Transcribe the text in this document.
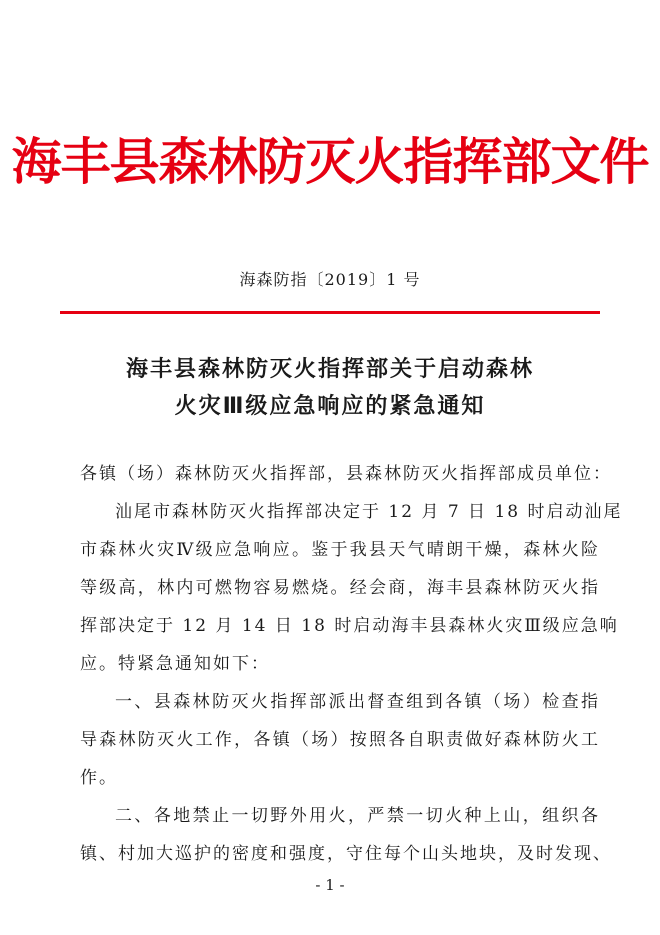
海丰县森林防灭火指挥部文件
海森防指〔2019〕1 号
海丰县森林防灭火指挥部关于启动森林
火灾Ⅲ级应急响应的紧急通知
各镇（场）森林防灭火指挥部，县森林防灭火指挥部成员单位：
汕尾市森林防灭火指挥部决定于 12 月 7 日 18 时启动汕尾
市森林火灾Ⅳ级应急响应。鉴于我县天气晴朗干燥，森林火险
等级高，林内可燃物容易燃烧。经会商，海丰县森林防灭火指
挥部决定于 12 月 14 日 18 时启动海丰县森林火灾Ⅲ级应急响
应。特紧急通知如下：
一、县森林防灭火指挥部派出督查组到各镇（场）检查指
导森林防灭火工作，各镇（场）按照各自职责做好森林防火工
作。
二、各地禁止一切野外用火，严禁一切火种上山，组织各
镇、村加大巡护的密度和强度，守住每个山头地块，及时发现、
- 1 -
